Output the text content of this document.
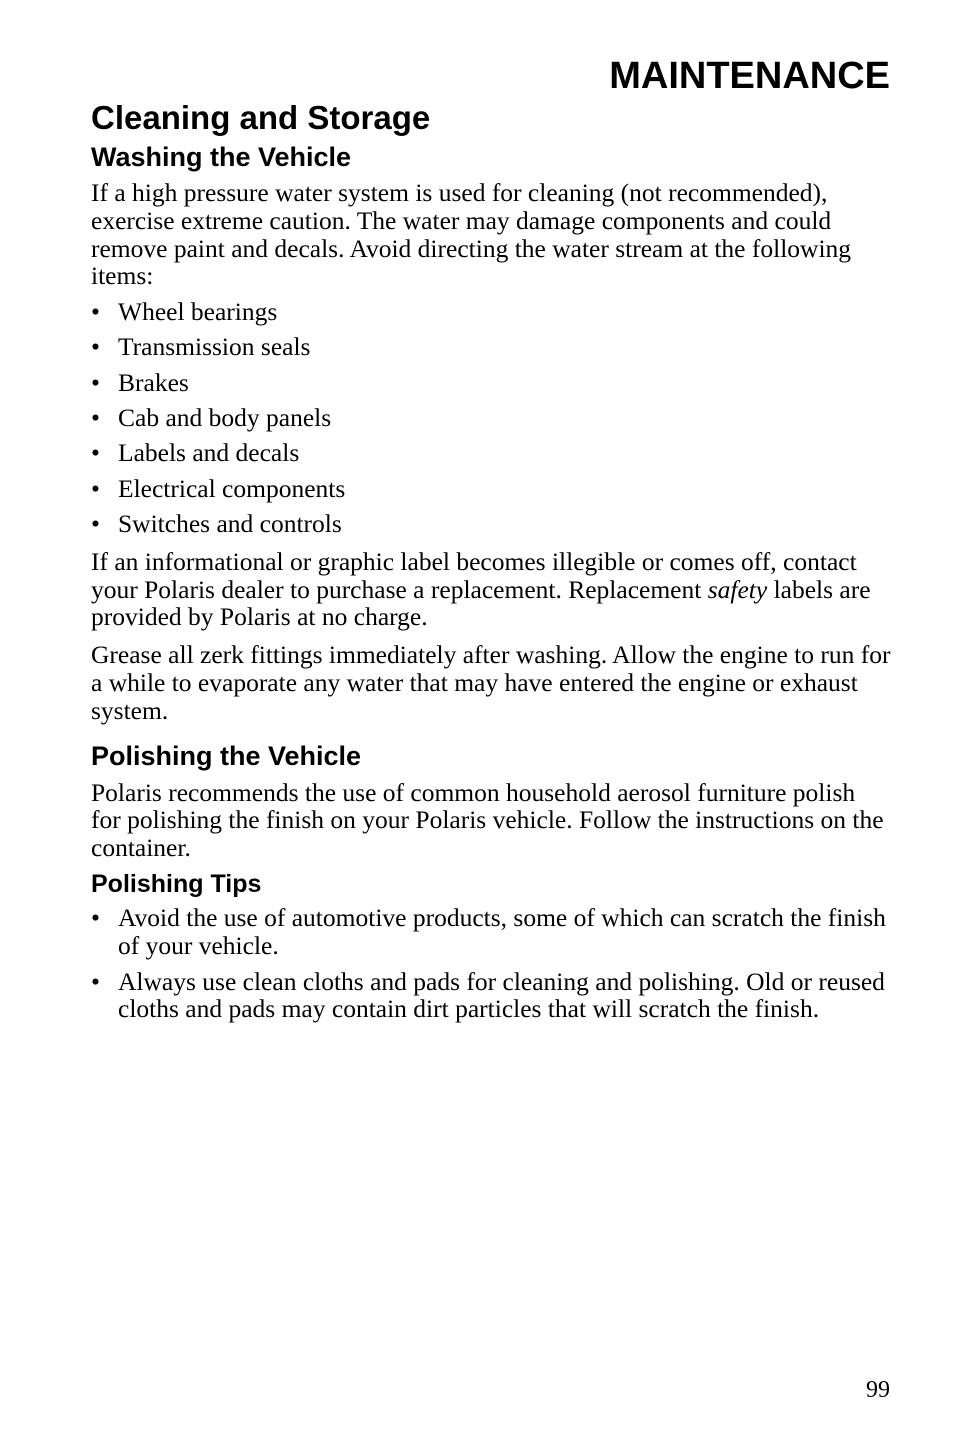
MAINTENANCE
Cleaning and Storage
Washing the Vehicle

If a high pressure water system is used for cleaning (not recommended), exercise extreme caution. The water may damage components and could remove paint and decals. Avoid directing the water stream at the following items:

• Wheel bearings
• Transmission seals
• Brakes
• Cab and body panels
• Labels and decals
• Electrical components
• Switches and controls

If an informational or graphic label becomes illegible or comes off, contact your Polaris dealer to purchase a replacement. Replacement safety labels are provided by Polaris at no charge.

Grease all zerk fittings immediately after washing. Allow the engine to run for a while to evaporate any water that may have entered the engine or exhaust system.

Polishing the Vehicle

Polaris recommends the use of common household aerosol furniture polish for polishing the finish on your Polaris vehicle. Follow the instructions on the container.

Polishing Tips
• Avoid the use of automotive products, some of which can scratch the finish of your vehicle.
• Always use clean cloths and pads for cleaning and polishing. Old or reused cloths and pads may contain dirt particles that will scratch the finish.
99
